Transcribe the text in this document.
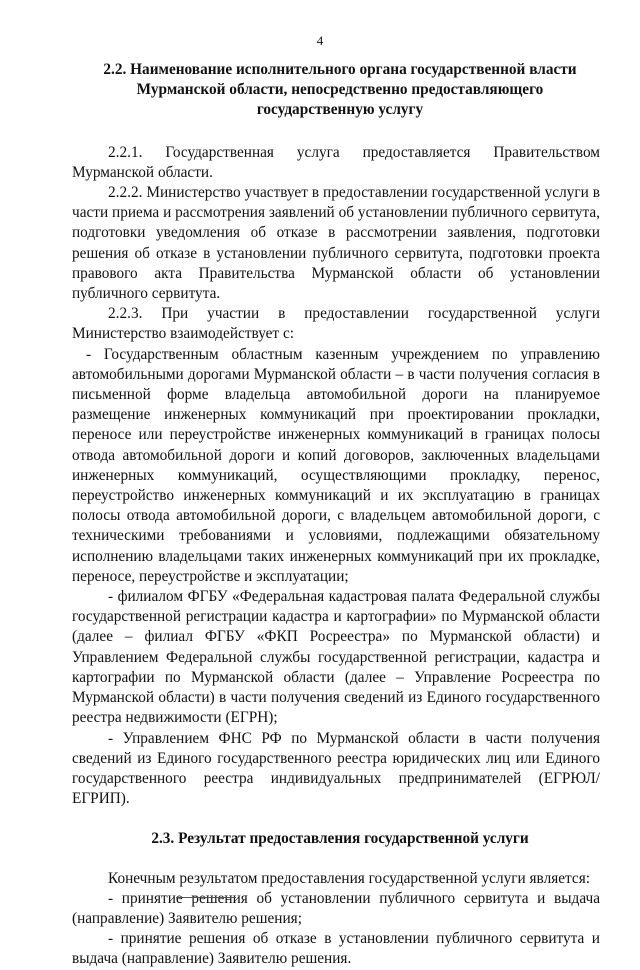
4

2.2. Наименование исполнительного органа государственной власти Мурманской области, непосредственно предоставляющего государственную услугу

2.2.1. Государственная услуга предоставляется Правительством Мурманской области.

2.2.2. Министерство участвует в предоставлении государственной услуги в части приема и рассмотрения заявлений об установлении публичного сервитута, подготовки уведомления об отказе в рассмотрении заявления, подготовки решения об отказе в установлении публичного сервитута, подготовки проекта правового акта Правительства Мурманской области об установлении публичного сервитута.

2.2.3. При участии в предоставлении государственной услуги Министерство взаимодействует с:

- Государственным областным казенным учреждением по управлению автомобильными дорогами Мурманской области – в части получения согласия в письменной форме владельца автомобильной дороги на планируемое размещение инженерных коммуникаций при проектировании прокладки, переносе или переустройстве инженерных коммуникаций в границах полосы отвода автомобильной дороги и копий договоров, заключенных владельцами инженерных коммуникаций, осуществляющими прокладку, перенос, переустройство инженерных коммуникаций и их эксплуатацию в границах полосы отвода автомобильной дороги, с владельцем автомобильной дороги, с техническими требованиями и условиями, подлежащими обязательному исполнению владельцами таких инженерных коммуникаций при их прокладке, переносе, переустройстве и эксплуатации;

- филиалом ФГБУ «Федеральная кадастровая палата Федеральной службы государственной регистрации кадастра и картографии» по Мурманской области (далее – филиал ФГБУ «ФКП Росреестра» по Мурманской области) и Управлением Федеральной службы государственной регистрации, кадастра и картографии по Мурманской области (далее – Управление Росреестра по Мурманской области) в части получения сведений из Единого государственного реестра недвижимости (ЕГРН);

- Управлением ФНС РФ по Мурманской области в части получения сведений из Единого государственного реестра юридических лиц или Единого государственного реестра индивидуальных предпринимателей (ЕГРЮЛ/ЕГРИП).

2.3. Результат предоставления государственной услуги

Конечным результатом предоставления государственной услуги является:

- принятие решения об установлении публичного сервитута и выдача (направление) Заявителю решения;

- принятие решения об отказе в установлении публичного сервитута и выдача (направление) Заявителю решения.
